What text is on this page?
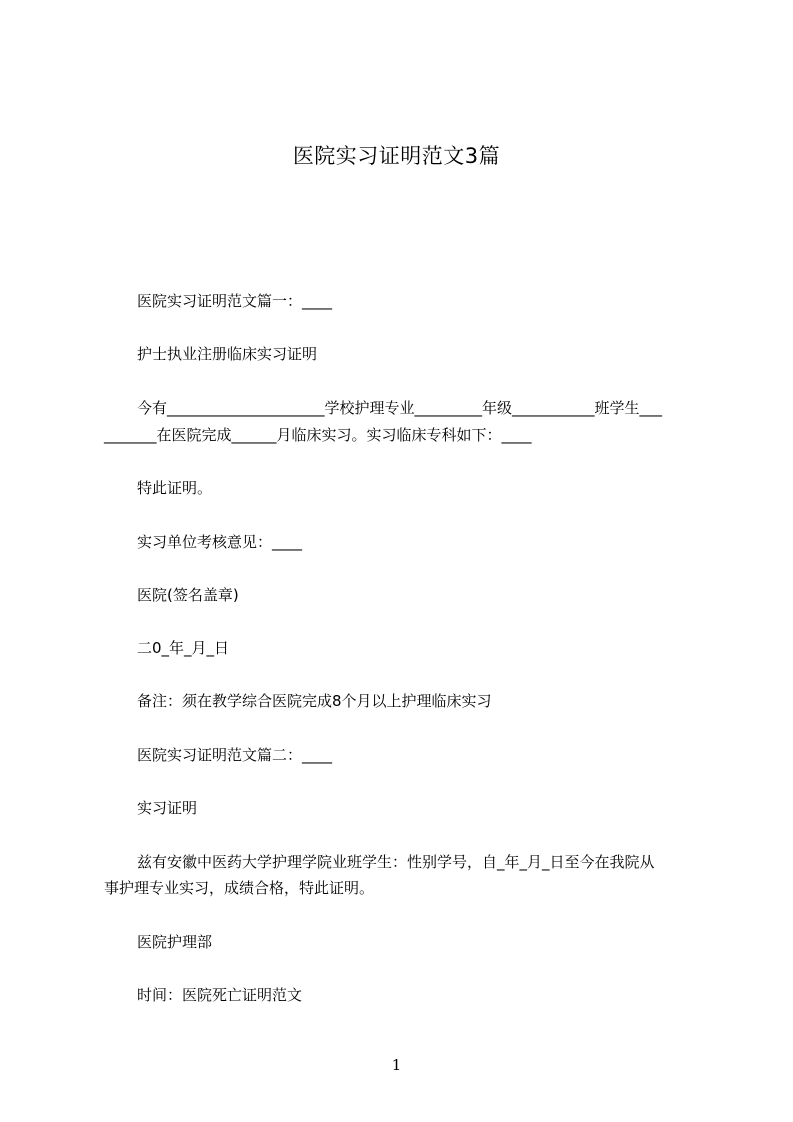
医院实习证明范文3篇
医院实习证明范文篇一：____
护士执业注册临床实习证明
今有_____________________学校护理专业_________年级___________班学生___
_______在医院完成______月临床实习。实习临床专科如下：____
特此证明。
实习单位考核意见：____
医院(签名盖章)
二0_年_月_日
备注：须在教学综合医院完成8个月以上护理临床实习
医院实习证明范文篇二：____
实习证明
兹有安徽中医药大学护理学院业班学生：性别学号，自_年_月_日至今在我院从
事护理专业实习，成绩合格，特此证明。
医院护理部
时间：医院死亡证明范文
1
